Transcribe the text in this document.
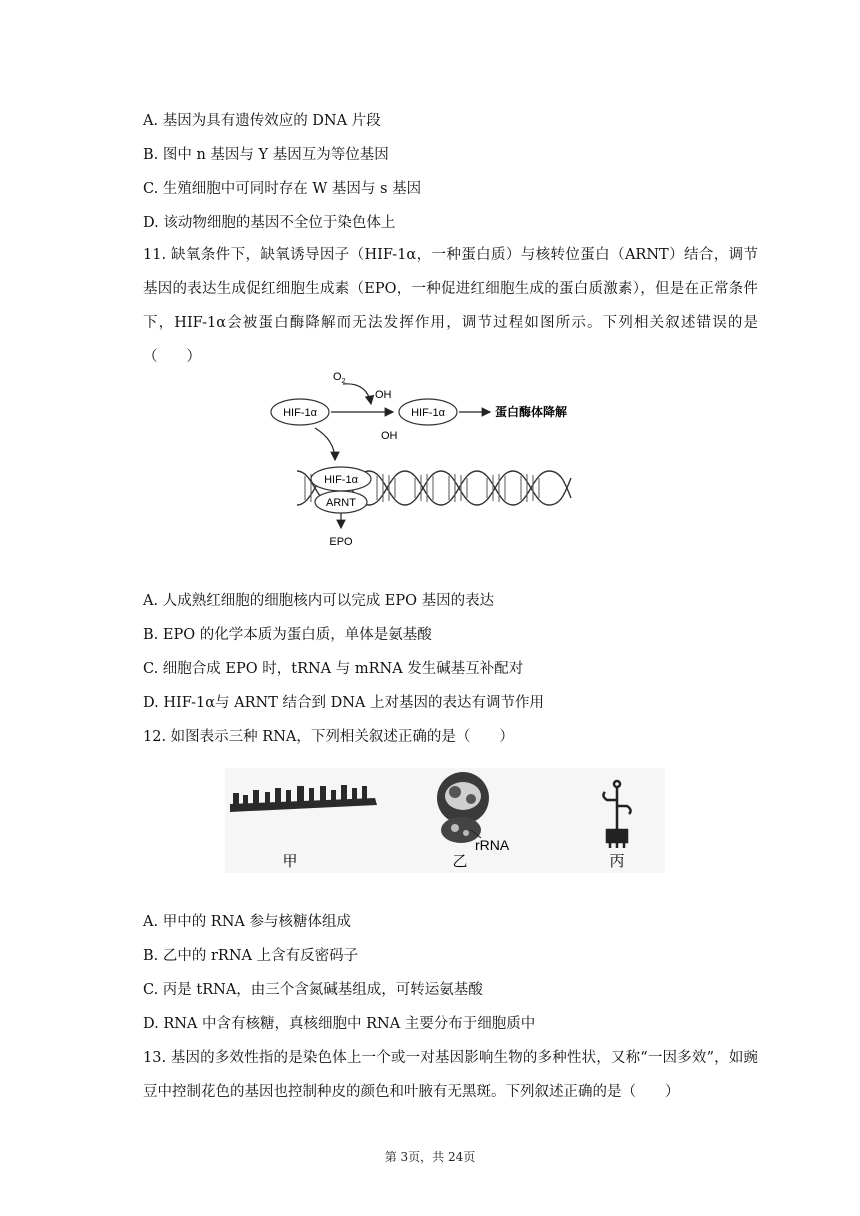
A. 基因为具有遗传效应的 DNA 片段
B. 图中 n 基因与 Y 基因互为等位基因
C. 生殖细胞中可同时存在 W 基因与 s 基因
D. 该动物细胞的基因不全位于染色体上
11. 缺氧条件下，缺氧诱导因子（HIF-1α，一种蛋白质）与核转位蛋白（ARNT）结合，调节基因的表达生成促红细胞生成素（EPO，一种促进红细胞生成的蛋白质激素），但是在正常条件下，HIF-1α会被蛋白酶降解而无法发挥作用，调节过程如图所示。下列相关叙述错误的是（　　）
$O_2$
HIF-1α
OH
OH
HIF-1α	蛋白酶体降解
HIF-1α
ARNT
EPO
A. 人成熟红细胞的细胞核内可以完成 EPO 基因的表达
B. EPO 的化学本质为蛋白质，单体是氨基酸
C. 细胞合成 EPO 时，tRNA 与 mRNA 发生碱基互补配对
D. HIF-1α与 ARNT 结合到 DNA 上对基因的表达有调节作用
12. 如图表示三种 RNA，下列相关叙述正确的是（　　）
rRNA
甲	乙	丙
A. 甲中的 RNA 参与核糖体组成
B. 乙中的 rRNA 上含有反密码子
C. 丙是 tRNA，由三个含氮碱基组成，可转运氨基酸
D. RNA 中含有核糖，真核细胞中 RNA 主要分布于细胞质中
13. 基因的多效性指的是染色体上一个或一对基因影响生物的多种性状，又称“一因多效”，如豌豆中控制花色的基因也控制种皮的颜色和叶腋有无黑斑。下列叙述正确的是（　　）
第 3页，共 24页
